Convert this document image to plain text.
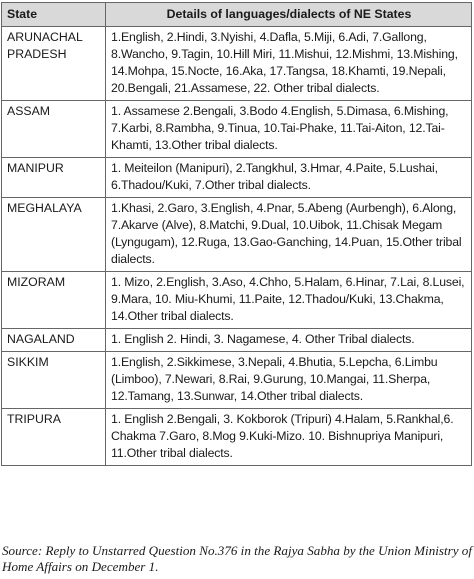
State	Details of languages/dialects of NE States
ARUNACHAL
PRADESH	1.English, 2.Hindi, 3.Nyishi, 4.Dafla, 5.Miji, 6.Adi, 7.Gallong, 8.Wancho, 9.Tagin, 10.Hill Miri, 11.Mishui, 12.Mishmi, 13.Mishing, 14.Mohpa, 15.Nocte, 16.Aka, 17.Tangsa, 18.Khamti, 19.Nepali, 20.Bengali, 21.Assamese, 22. Other tribal dialects.
ASSAM	1. Assamese 2.Bengali, 3.Bodo 4.English, 5.Dimasa, 6.Mishing, 7.Karbi, 8.Rambha, 9.Tinua, 10.Tai-Phake, 11.Tai-Aiton, 12.Tai-Khamti, 13.Other tribal dialects.
MANIPUR	1. Meiteilon (Manipuri), 2.Tangkhul, 3.Hmar, 4.Paite, 5.Lushai, 6.Thadou/Kuki, 7.Other tribal dialects.
MEGHALAYA	1.Khasi, 2.Garo, 3.English, 4.Pnar, 5.Abeng (Aurbengh), 6.Along, 7.Akarve (Alve), 8.Matchi, 9.Dual, 10.Uibok, 11.Chisak Megam (Lyngugam), 12.Ruga, 13.Gao-Ganching, 14.Puan, 15.Other tribal dialects.
MIZORAM	1. Mizo, 2.English, 3.Aso, 4.Chho, 5.Halam, 6.Hinar, 7.Lai, 8.Lusei, 9.Mara, 10. Miu-Khumi, 11.Paite, 12.Thadou/Kuki, 13.Chakma, 14.Other tribal dialects.
NAGALAND	1. English 2. Hindi, 3. Nagamese, 4. Other Tribal dialects.
SIKKIM	1.English, 2.Sikkimese, 3.Nepali, 4.Bhutia, 5.Lepcha, 6.Limbu (Limboo), 7.Newari, 8.Rai, 9.Gurung, 10.Mangai, 11.Sherpa, 12.Tamang, 13.Sunwar, 14.Other tribal dialects.
TRIPURA	1. English 2.Bengali, 3. Kokborok (Tripuri) 4.Halam, 5.Rankhal,6. Chakma 7.Garo, 8.Mog 9.Kuki-Mizo. 10. Bishnupriya Manipuri, 11.Other tribal dialects.
Source: Reply to Unstarred Question No.376 in the Rajya Sabha by the Union Ministry of Home Affairs on December 1.
